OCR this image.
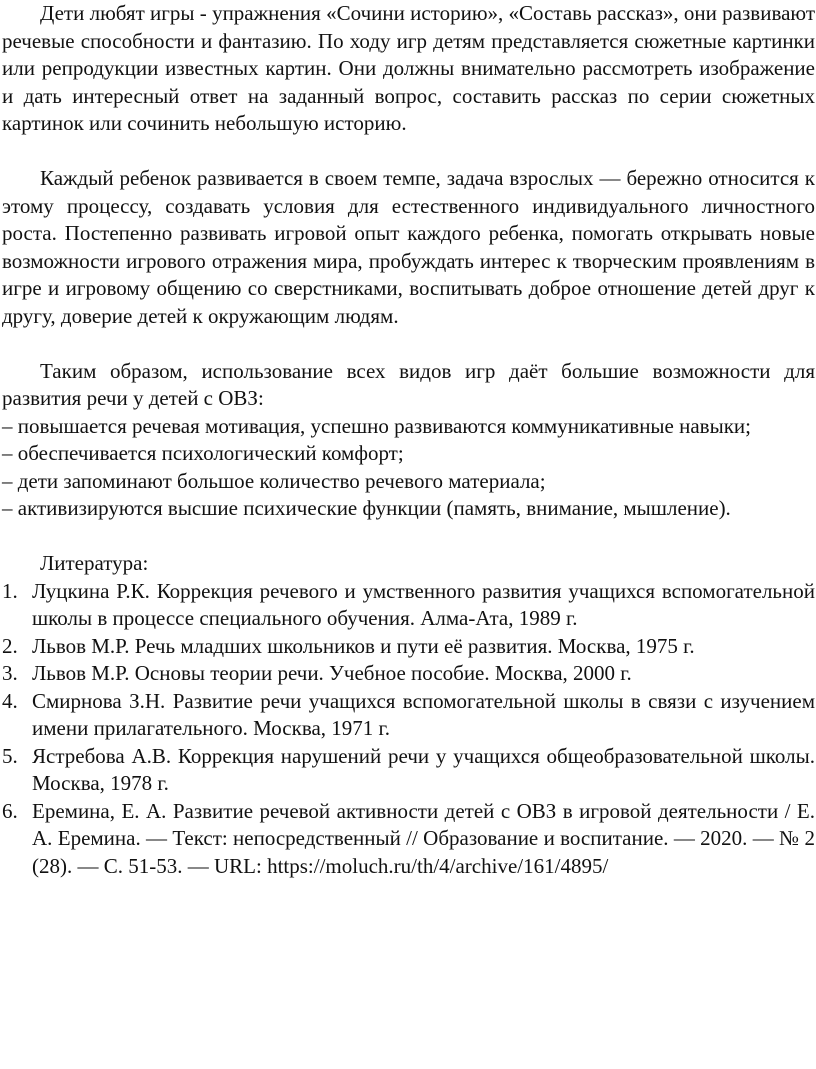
Дети любят игры - упражнения «Сочини историю», «Составь рассказ», они развивают речевые способности и фантазию. По ходу игр детям представляется сюжетные картинки или репродукции известных картин. Они должны внимательно рассмотреть изображение и дать интересный ответ на заданный вопрос, составить рассказ по серии сюжетных картинок или сочинить небольшую историю.

Каждый ребенок развивается в своем темпе, задача взрослых — бережно относится к этому процессу, создавать условия для естественного индивидуального личностного роста. Постепенно развивать игровой опыт каждого ребенка, помогать открывать новые возможности игрового отражения мира, пробуждать интерес к творческим проявлениям в игре и игровому общению со сверстниками, воспитывать доброе отношение детей друг к другу, доверие детей к окружающим людям.

Таким образом, использование всех видов игр даёт большие возможности для развития речи у детей с ОВЗ:

– повышается речевая мотивация, успешно развиваются коммуникативные навыки;

– обеспечивается психологический комфорт;

– дети запоминают большое количество речевого материала;

– активизируются высшие психические функции (память, внимание, мышление).

Литература:

1. Луцкина Р.К. Коррекция речевого и умственного развития учащихся вспомогательной школы в процессе специального обучения. Алма-Ата, 1989 г.
2. Львов М.Р. Речь младших школьников и пути её развития. Москва, 1975 г.
3. Львов М.Р. Основы теории речи. Учебное пособие. Москва, 2000 г.
4. Смирнова З.Н. Развитие речи учащихся вспомогательной школы в связи с изучением имени прилагательного. Москва, 1971 г.
5. Ястребова А.В. Коррекция нарушений речи у учащихся общеобразовательной школы. Москва, 1978 г.
6. Еремина, Е. А. Развитие речевой активности детей с ОВЗ в игровой деятельности / Е. А. Еремина. — Текст: непосредственный // Образование и воспитание. — 2020. — № 2 (28). — С. 51-53. — URL: https://moluch.ru/th/4/archive/161/4895/
